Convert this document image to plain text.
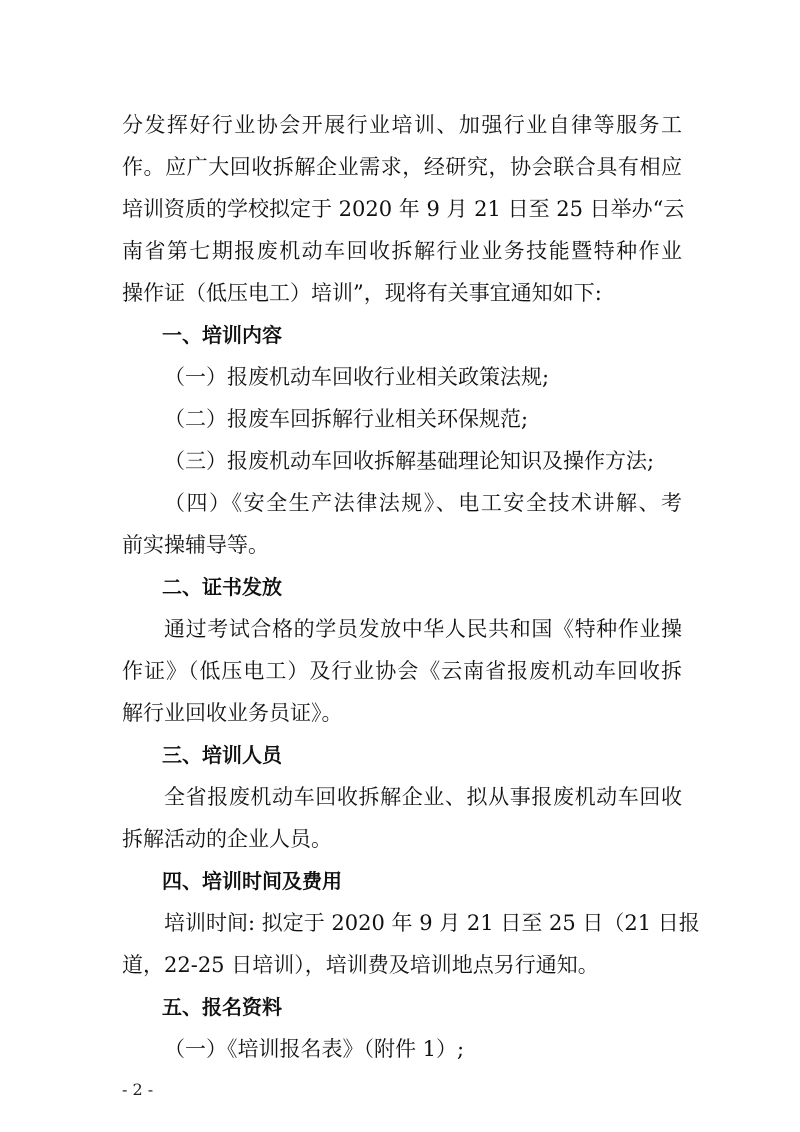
分发挥好行业协会开展行业培训、加强行业自律等服务工
作。应广大回收拆解企业需求，经研究，协会联合具有相应
培训资质的学校拟定于 2020 年 9 月 21 日至 25 日举办“云
南省第七期报废机动车回收拆解行业业务技能暨特种作业
操作证（低压电工）培训”，现将有关事宜通知如下:

一、培训内容

（一）报废机动车回收行业相关政策法规;

（二）报废车回拆解行业相关环保规范;

（三）报废机动车回收拆解基础理论知识及操作方法;

（四）《安全生产法律法规》、电工安全技术讲解、考
前实操辅导等。

二、证书发放

通过考试合格的学员发放中华人民共和国《特种作业操
作证》（低压电工）及行业协会《云南省报废机动车回收拆
解行业回收业务员证》。

三、培训人员

全省报废机动车回收拆解企业、拟从事报废机动车回收
拆解活动的企业人员。

四、培训时间及费用

培训时间: 拟定于 2020 年 9 月 21 日至 25 日（21 日报
道，22-25 日培训），培训费及培训地点另行通知。

五、报名资料

（一）《培训报名表》（附件 1）;

- 2 -
